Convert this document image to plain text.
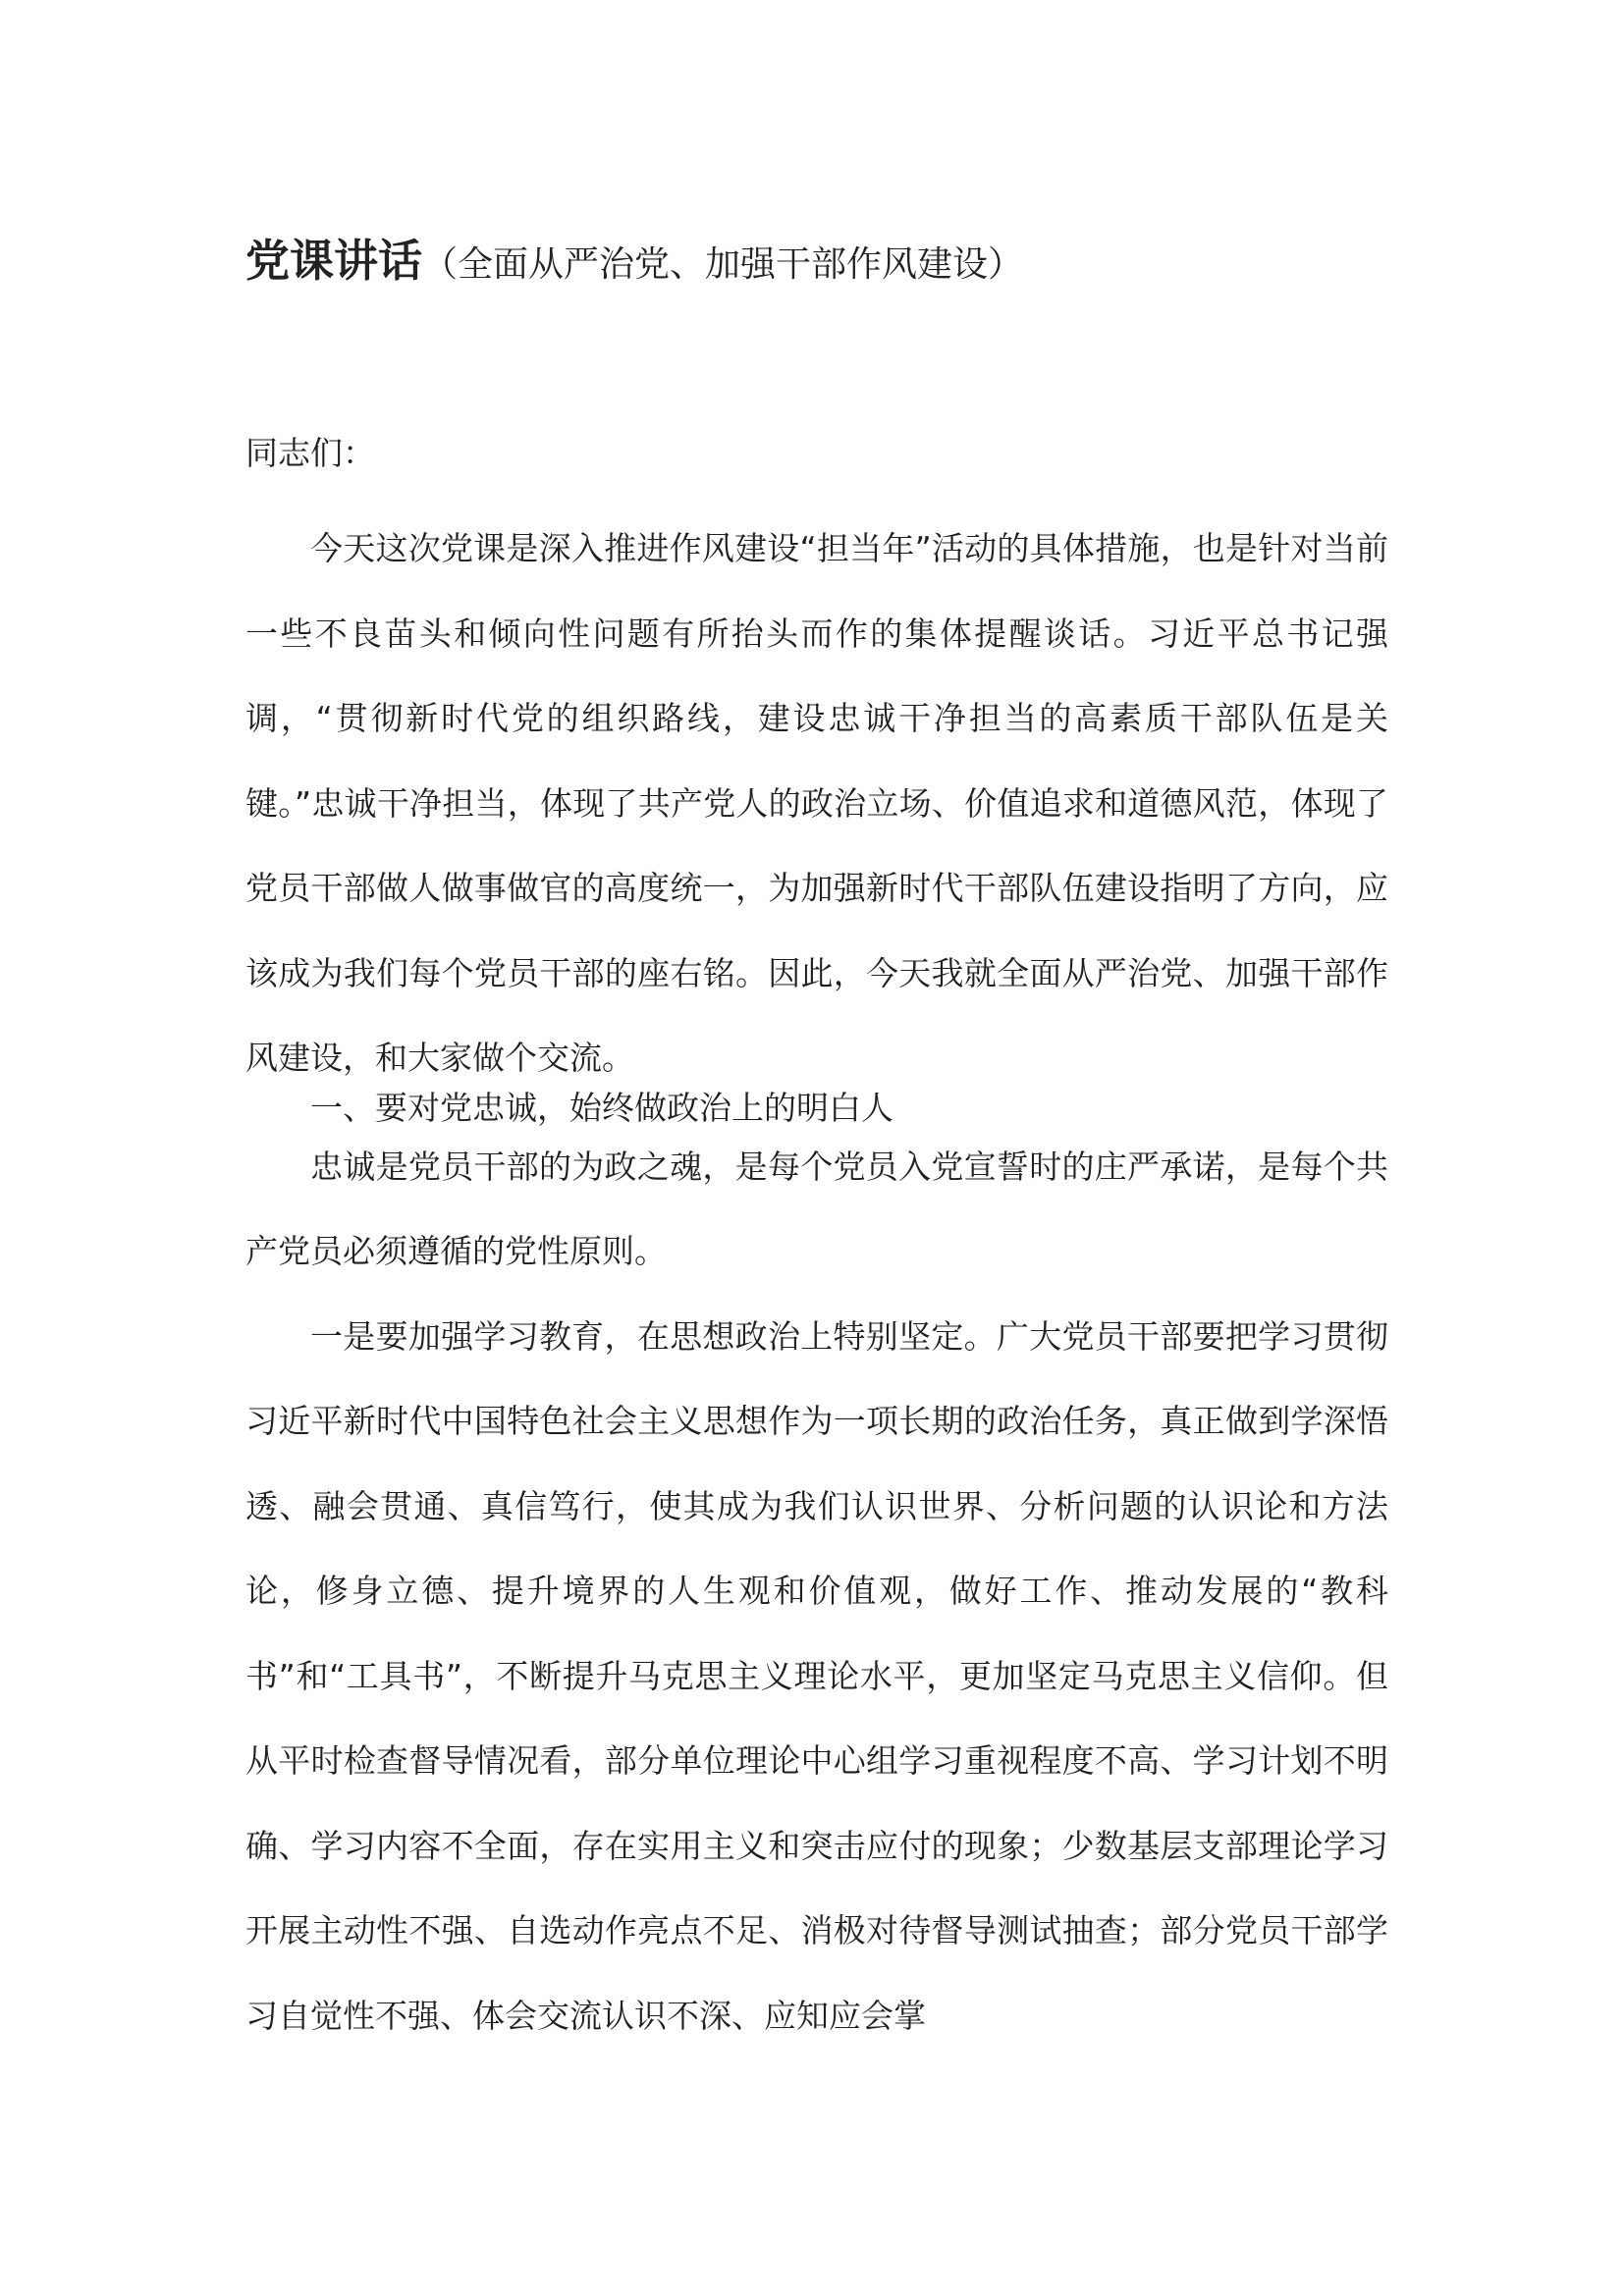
党课讲话（全面从严治党、加强干部作风建设）

同志们：

今天这次党课是深入推进作风建设“担当年”活动的具体措施，也是针对当前一些不良苗头和倾向性问题有所抬头而作的集体提醒谈话。习近平总书记强调，“贯彻新时代党的组织路线，建设忠诚干净担当的高素质干部队伍是关键。”忠诚干净担当，体现了共产党人的政治立场、价值追求和道德风范，体现了党员干部做人做事做官的高度统一，为加强新时代干部队伍建设指明了方向，应该成为我们每个党员干部的座右铭。因此，今天我就全面从严治党、加强干部作风建设，和大家做个交流。

一、要对党忠诚，始终做政治上的明白人

忠诚是党员干部的为政之魂，是每个党员入党宣誓时的庄严承诺，是每个共产党员必须遵循的党性原则。

一是要加强学习教育，在思想政治上特别坚定。广大党员干部要把学习贯彻习近平新时代中国特色社会主义思想作为一项长期的政治任务，真正做到学深悟透、融会贯通、真信笃行，使其成为我们认识世界、分析问题的认识论和方法论，修身立德、提升境界的人生观和价值观，做好工作、推动发展的“教科书”和“工具书”，不断提升马克思主义理论水平，更加坚定马克思主义信仰。但从平时检查督导情况看，部分单位理论中心组学习重视程度不高、学习计划不明确、学习内容不全面，存在实用主义和突击应付的现象；少数基层支部理论学习开展主动性不强、自选动作亮点不足、消极对待督导测试抽查；部分党员干部学习自觉性不强、体会交流认识不深、应知应会掌
